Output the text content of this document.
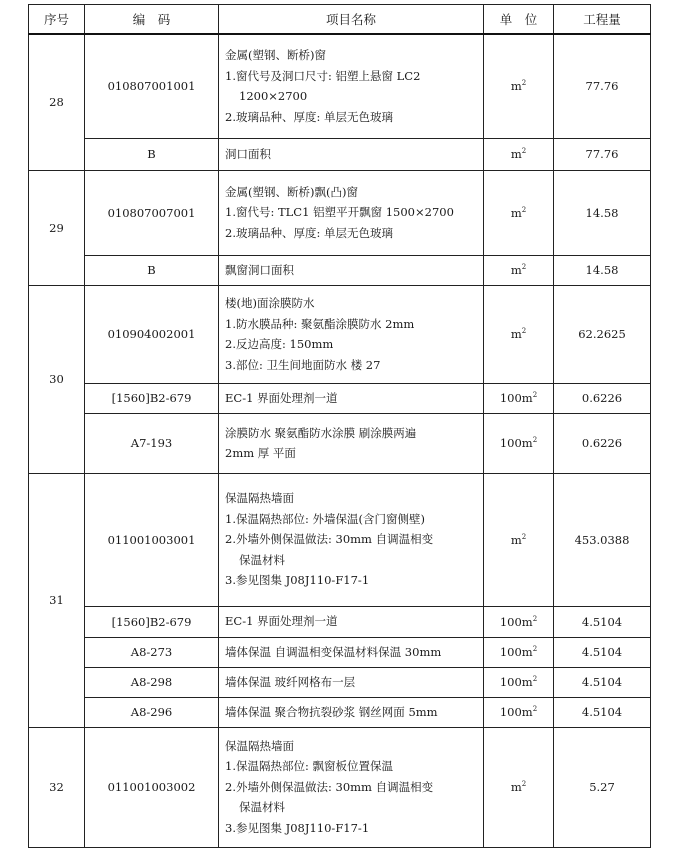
序号	编　码	项目名称	单　位	工程量
28	010807001001	金属(塑钢、断桥)窗
1.窗代号及洞口尺寸: 铝塑上悬窗 LC2
1200×2700
2.玻璃品种、厚度: 单层无色玻璃	$m^2$	77.76
	B	洞口面积	$m^2$	77.76
29	010807007001	金属(塑钢、断桥)飘(凸)窗
1.窗代号: TLC1 铝塑平开飘窗 1500×2700
2.玻璃品种、厚度: 单层无色玻璃	$m^2$	14.58
	B	飘窗洞口面积	$m^2$	14.58
30	010904002001	楼(地)面涂膜防水
1.防水膜品种: 聚氨酯涂膜防水 2mm
2.反边高度: 150mm
3.部位: 卫生间地面防水 楼 27	$m^2$	62.2625
	[1560]B2-679	EC-1 界面处理剂一道	$100m^2$	0.6226
	A7-193	涂膜防水 聚氨酯防水涂膜 刷涂膜两遍
2mm 厚 平面	$100m^2$	0.6226
31	011001003001	保温隔热墙面
1.保温隔热部位: 外墙保温(含门窗侧壁)
2.外墙外侧保温做法: 30mm 自调温相变
保温材料
3.参见图集 J08J110-F17-1	$m^2$	453.0388
	[1560]B2-679	EC-1 界面处理剂一道	$100m^2$	4.5104
	A8-273	墙体保温 自调温相变保温材料保温 30mm	$100m^2$	4.5104
	A8-298	墙体保温 玻纤网格布一层	$100m^2$	4.5104
	A8-296	墙体保温 聚合物抗裂砂浆 钢丝网面 5mm	$100m^2$	4.5104
32	011001003002	保温隔热墙面
1.保温隔热部位: 飘窗板位置保温
2.外墙外侧保温做法: 30mm 自调温相变
保温材料
3.参见图集 J08J110-F17-1	$m^2$	5.27
